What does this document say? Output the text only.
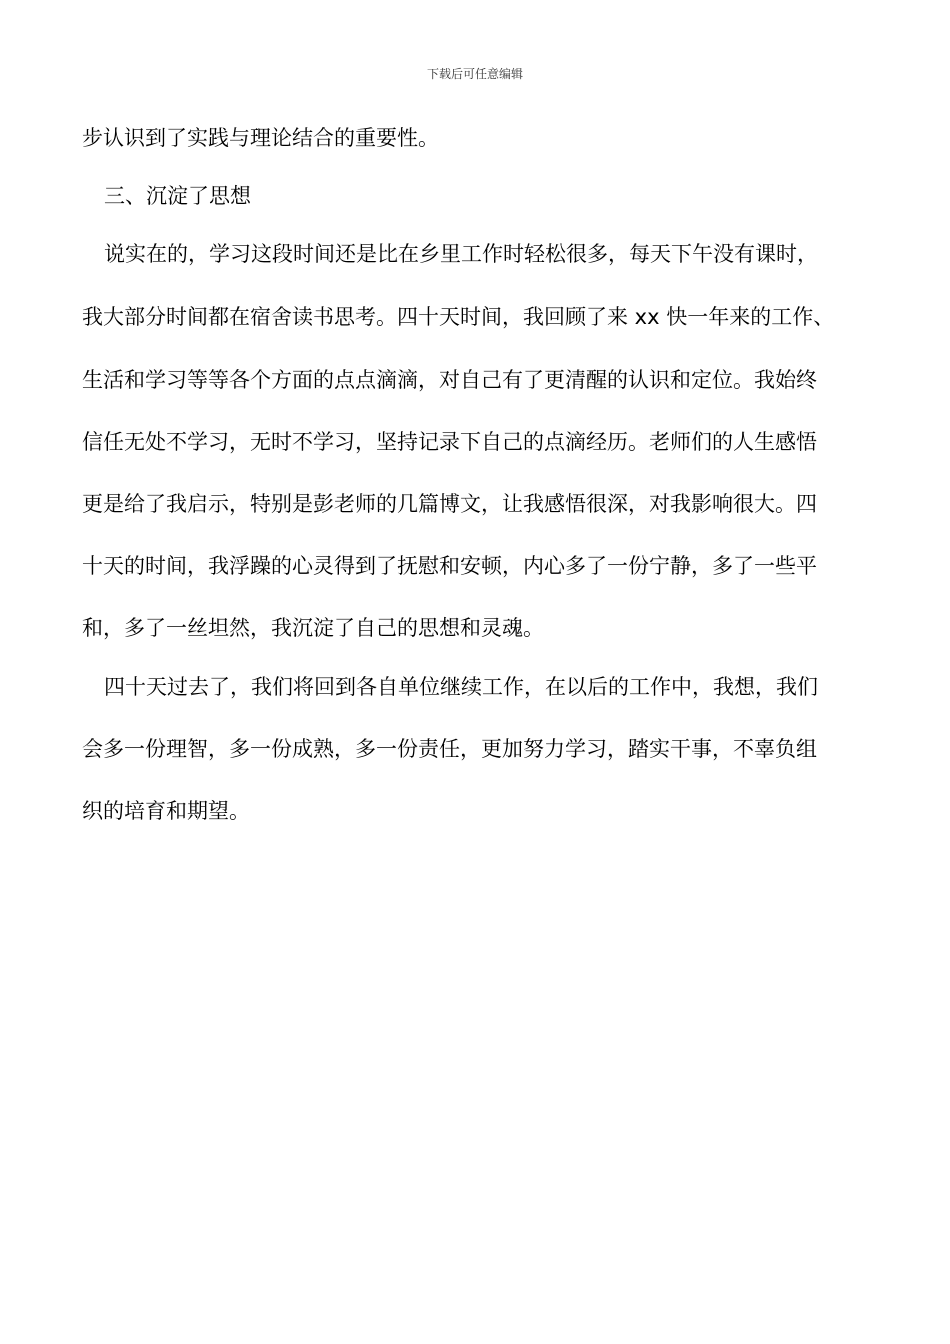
下载后可任意编辑
步认识到了实践与理论结合的重要性。
三、沉淀了思想
说实在的，学习这段时间还是比在乡里工作时轻松很多，每天下午没有课时，
我大部分时间都在宿舍读书思考。四十天时间，我回顾了来 xx 快一年来的工作、
生活和学习等等各个方面的点点滴滴，对自己有了更清醒的认识和定位。我始终
信任无处不学习，无时不学习，坚持记录下自己的点滴经历。老师们的人生感悟
更是给了我启示，特别是彭老师的几篇博文，让我感悟很深，对我影响很大。四
十天的时间，我浮躁的心灵得到了抚慰和安顿，内心多了一份宁静，多了一些平
和，多了一丝坦然，我沉淀了自己的思想和灵魂。
四十天过去了，我们将回到各自单位继续工作，在以后的工作中，我想，我们
会多一份理智，多一份成熟，多一份责任，更加努力学习，踏实干事，不辜负组
织的培育和期望。
